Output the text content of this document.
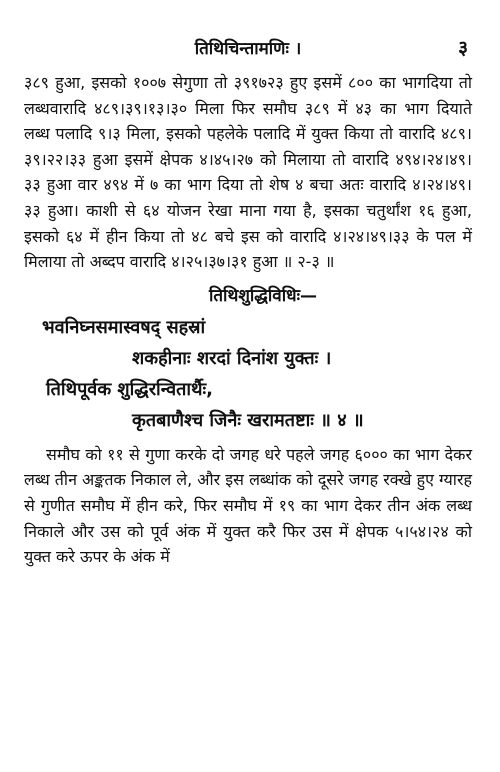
तिथिचिन्तामणिः ।	३

३८९ हुआ, इसको १००७ सेगुणा तो ३९१७२३ हुए इसमें ८०० का भागदिया तो लब्धवारादि ४८९।३९।१३।३० मिला फिर समौघ ३८९ में ४३ का भाग दियाते लब्ध पलादि ९।३ मिला, इसको पहलेके पलादि में युक्त किया तो वारादि ४८९। ३९।२२।३३ हुआ इसमें क्षेपक ४।४५।२७ को मिलाया तो वारादि ४९४।२४।४९।३३ हुआ वार ४९४ में ७ का भाग दिया तो शेष ४ बचा अतः वारादि ४।२४।४९।३३ हुआ। काशी से ६४ योजन रेखा माना गया है, इसका चतुर्थांश १६ हुआ, इसको ६४ में हीन किया तो ४८ बचे इस को वारादि ४।२४।४९।३३ के पल में मिलाया तो अब्दप वारादि ४।२५।३७।३१ हुआ ॥ २-३ ॥

तिथिशुद्धिविधिः—

भवनिघ्नसमास्वषद् सहस्रां

शकहीनाः शरदां दिनांश युक्तः ।

तिथिपूर्वक शुद्धिरन्वितार्थैः,

कृतबाणैश्च जिनैः खरामतष्टाः ॥ ४ ॥

समौघ को ११ से गुणा करके दो जगह धरे पहले जगह ६००० का भाग देकर लब्ध तीन अङ्कतक निकाल ले, और इस लब्धांक को दूसरे जगह रक्खे हुए ग्यारह से गुणीत समौघ में हीन करे, फिर समौघ में १९ का भाग देकर तीन अंक लब्ध निकाले और उस को पूर्व अंक में युक्त करै फिर उस में क्षेपक ५।५४।२४ को युक्त करे ऊपर के अंक में
